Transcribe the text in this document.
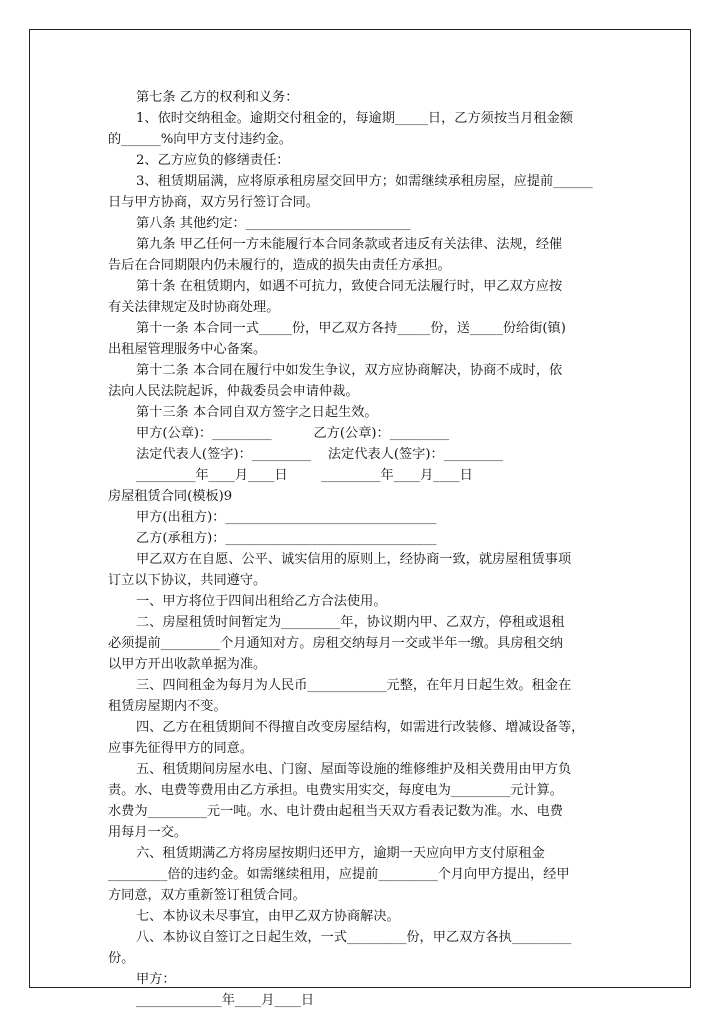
第七条 乙方的权利和义务：

1、依时交纳租金。逾期交付租金的，每逾期_____日，乙方须按当月租金额

的______%向甲方支付违约金。

2、乙方应负的修缮责任：

3、租赁期届满，应将原承租房屋交回甲方；如需继续承租房屋，应提前______

日与甲方协商，双方另行签订合同。

第八条 其他约定：_________________________

第九条 甲乙任何一方未能履行本合同条款或者违反有关法律、法规，经催

告后在合同期限内仍未履行的，造成的损失由责任方承担。

第十条 在租赁期内，如遇不可抗力，致使合同无法履行时，甲乙双方应按

有关法律规定及时协商处理。

第十一条 本合同一式_____份，甲乙双方各持_____份，送_____份给街(镇)

出租屋管理服务中心备案。

第十二条 本合同在履行中如发生争议，双方应协商解决，协商不成时，依

法向人民法院起诉，仲裁委员会申请仲裁。

第十三条 本合同自双方签字之日起生效。

甲方(公章)：_________          乙方(公章)：_________

法定代表人(签字)：_________    法定代表人(签字)：_________

_________年____月____日        _________年____月____日

房屋租赁合同(模板)9

甲方(出租方)：________________________________

乙方(承租方)：________________________________

甲乙双方在自愿、公平、诚实信用的原则上，经协商一致，就房屋租赁事项

订立以下协议，共同遵守。

一、甲方将位于四间出租给乙方合法使用。

二、房屋租赁时间暂定为_________年，协议期内甲、乙双方，停租或退租

必须提前_________个月通知对方。房租交纳每月一交或半年一缴。具房租交纳

以甲方开出收款单据为准。

三、四间租金为每月为人民币____________元整，在年月日起生效。租金在

租赁房屋期内不变。

四、乙方在租赁期间不得擅自改变房屋结构，如需进行改装修、增减设备等，

应事先征得甲方的同意。

五、租赁期间房屋水电、门窗、屋面等设施的维修维护及相关费用由甲方负

责。水、电费等费用由乙方承担。电费实用实交，每度电为_________元计算。

水费为_________元一吨。水、电计费由起租当天双方看表记数为准。水、电费

用每月一交。

六、租赁期满乙方将房屋按期归还甲方，逾期一天应向甲方支付原租金

_________倍的违约金。如需继续租用，应提前_________个月向甲方提出，经甲

方同意，双方重新签订租赁合同。

七、本协议未尽事宜，由甲乙双方协商解决。

八、本协议自签订之日起生效，一式_________份，甲乙双方各执_________

份。

甲方：

_____________年____月____日
